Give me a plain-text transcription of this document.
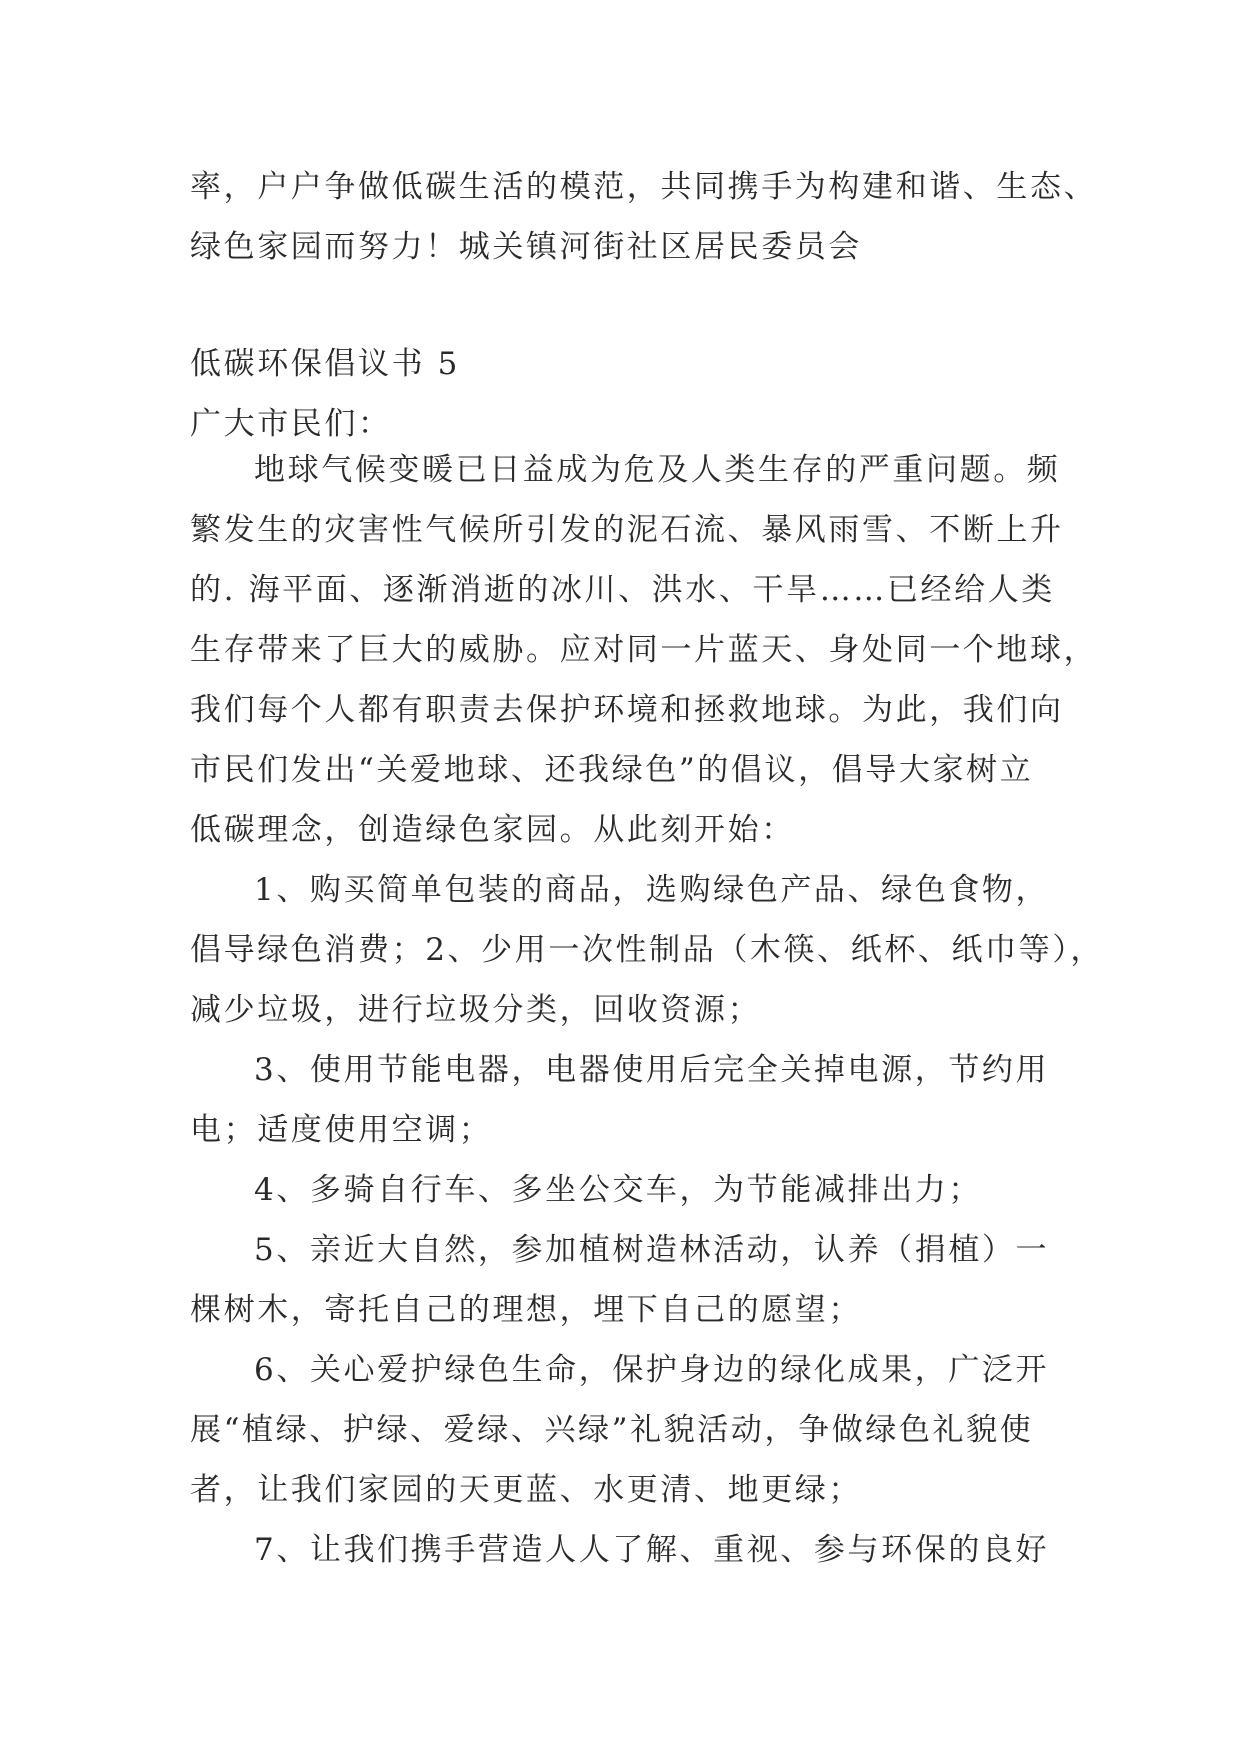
率，户户争做低碳生活的模范，共同携手为构建和谐、生态、
绿色家园而努力！城关镇河街社区居民委员会
低碳环保倡议书 5
广大市民们：
地球气候变暖已日益成为危及人类生存的严重问题。频
繁发生的灾害性气候所引发的泥石流、暴风雨雪、不断上升
的. 海平面、逐渐消逝的冰川、洪水、干旱……已经给人类
生存带来了巨大的威胁。应对同一片蓝天、身处同一个地球，
我们每个人都有职责去保护环境和拯救地球。为此，我们向
市民们发出“关爱地球、还我绿色”的倡议，倡导大家树立
低碳理念，创造绿色家园。从此刻开始：
1、购买简单包装的商品，选购绿色产品、绿色食物，
倡导绿色消费；2、少用一次性制品（木筷、纸杯、纸巾等），
减少垃圾，进行垃圾分类，回收资源；
3、使用节能电器，电器使用后完全关掉电源，节约用
电；适度使用空调；
4、多骑自行车、多坐公交车，为节能减排出力；
5、亲近大自然，参加植树造林活动，认养（捐植）一
棵树木，寄托自己的理想，埋下自己的愿望；
6、关心爱护绿色生命，保护身边的绿化成果，广泛开
展“植绿、护绿、爱绿、兴绿”礼貌活动，争做绿色礼貌使
者，让我们家园的天更蓝、水更清、地更绿；
7、让我们携手营造人人了解、重视、参与环保的良好
